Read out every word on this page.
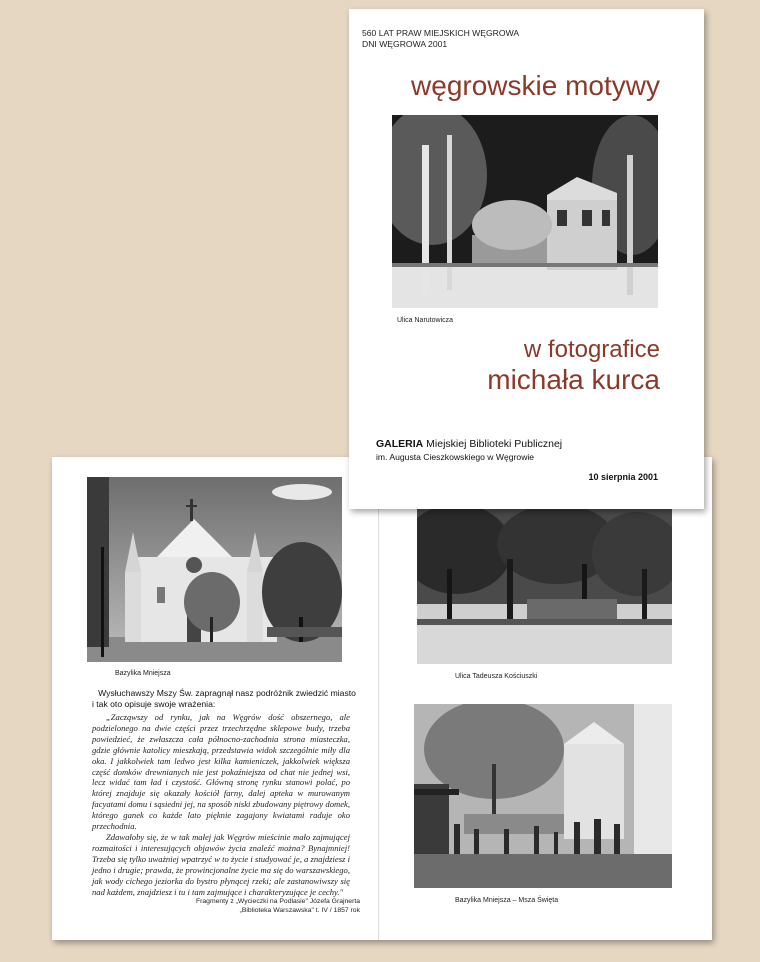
Bazylika Mniejsza
Wysłuchawszy Mszy Św. zapragnął nasz podróżnik zwiedzić miasto
i tak oto opisuje swoje wrażenia:

„Zacząwszy od rynku, jak na Węgrów dość obszernego, ale podzielonego na dwie części przez trzechrzędne sklepowe budy, trzeba powiedzieć, że zwłaszcza cała północno-zachodnia strona miasteczka, gdzie głównie katolicy mieszkają, przedstawia widok szczególnie miły dla oka. I jakkolwiek tam ledwo jest kilka kamieniczek, jakkolwiek większa część domków drewnianych nie jest pokaźniejsza od chat nie jednej wsi, lecz widać tam ład i czystość. Główną stronę rynku stanowi polać, po której znajduje się okazały kościół farny, dalej apteka w murowanym facyatami domu i sąsiedni jej, na sposób niski zbudowany piętrowy domek, którego ganek co każde lato pięknie zagajony kwiatami raduje oko przechodnia.

Zdawałoby się, że w tak małej jak Węgrów mieścinie mało zajmującej rozmaitości i interesujących objawów życia znaleźć można? Bynajmniej! Trzeba się tylko uważniej wpatrzyć w to życie i studyować je, a znajdziesz i jedno i drugie; prawda, że prowincjonalne życie ma się do warszawskiego, jak wody cichego jeziorka do bystro płynącej rzeki; ale zastanowiwszy się nad każdem, znajdziesz i tu i tam zajmujące i charakteryzujące je cechy."

Fragmenty z „Wycieczki na Podlasie" Józefa Grajnerta
„Biblioteka Warszawska" t. IV / 1857 rok
Ulica Tadeusza Kościuszki
Bazylika Mniejsza – Msza Święta
560 LAT PRAW MIEJSKICH WĘGROWA
DNI WĘGROWA 2001
węgrowskie motywy
Ulica Narutowicza
w fotografice
michała kurca
GALERIA Miejskiej Biblioteki Publicznej
im. Augusta Cieszkowskiego w Węgrowie
10 sierpnia 2001
